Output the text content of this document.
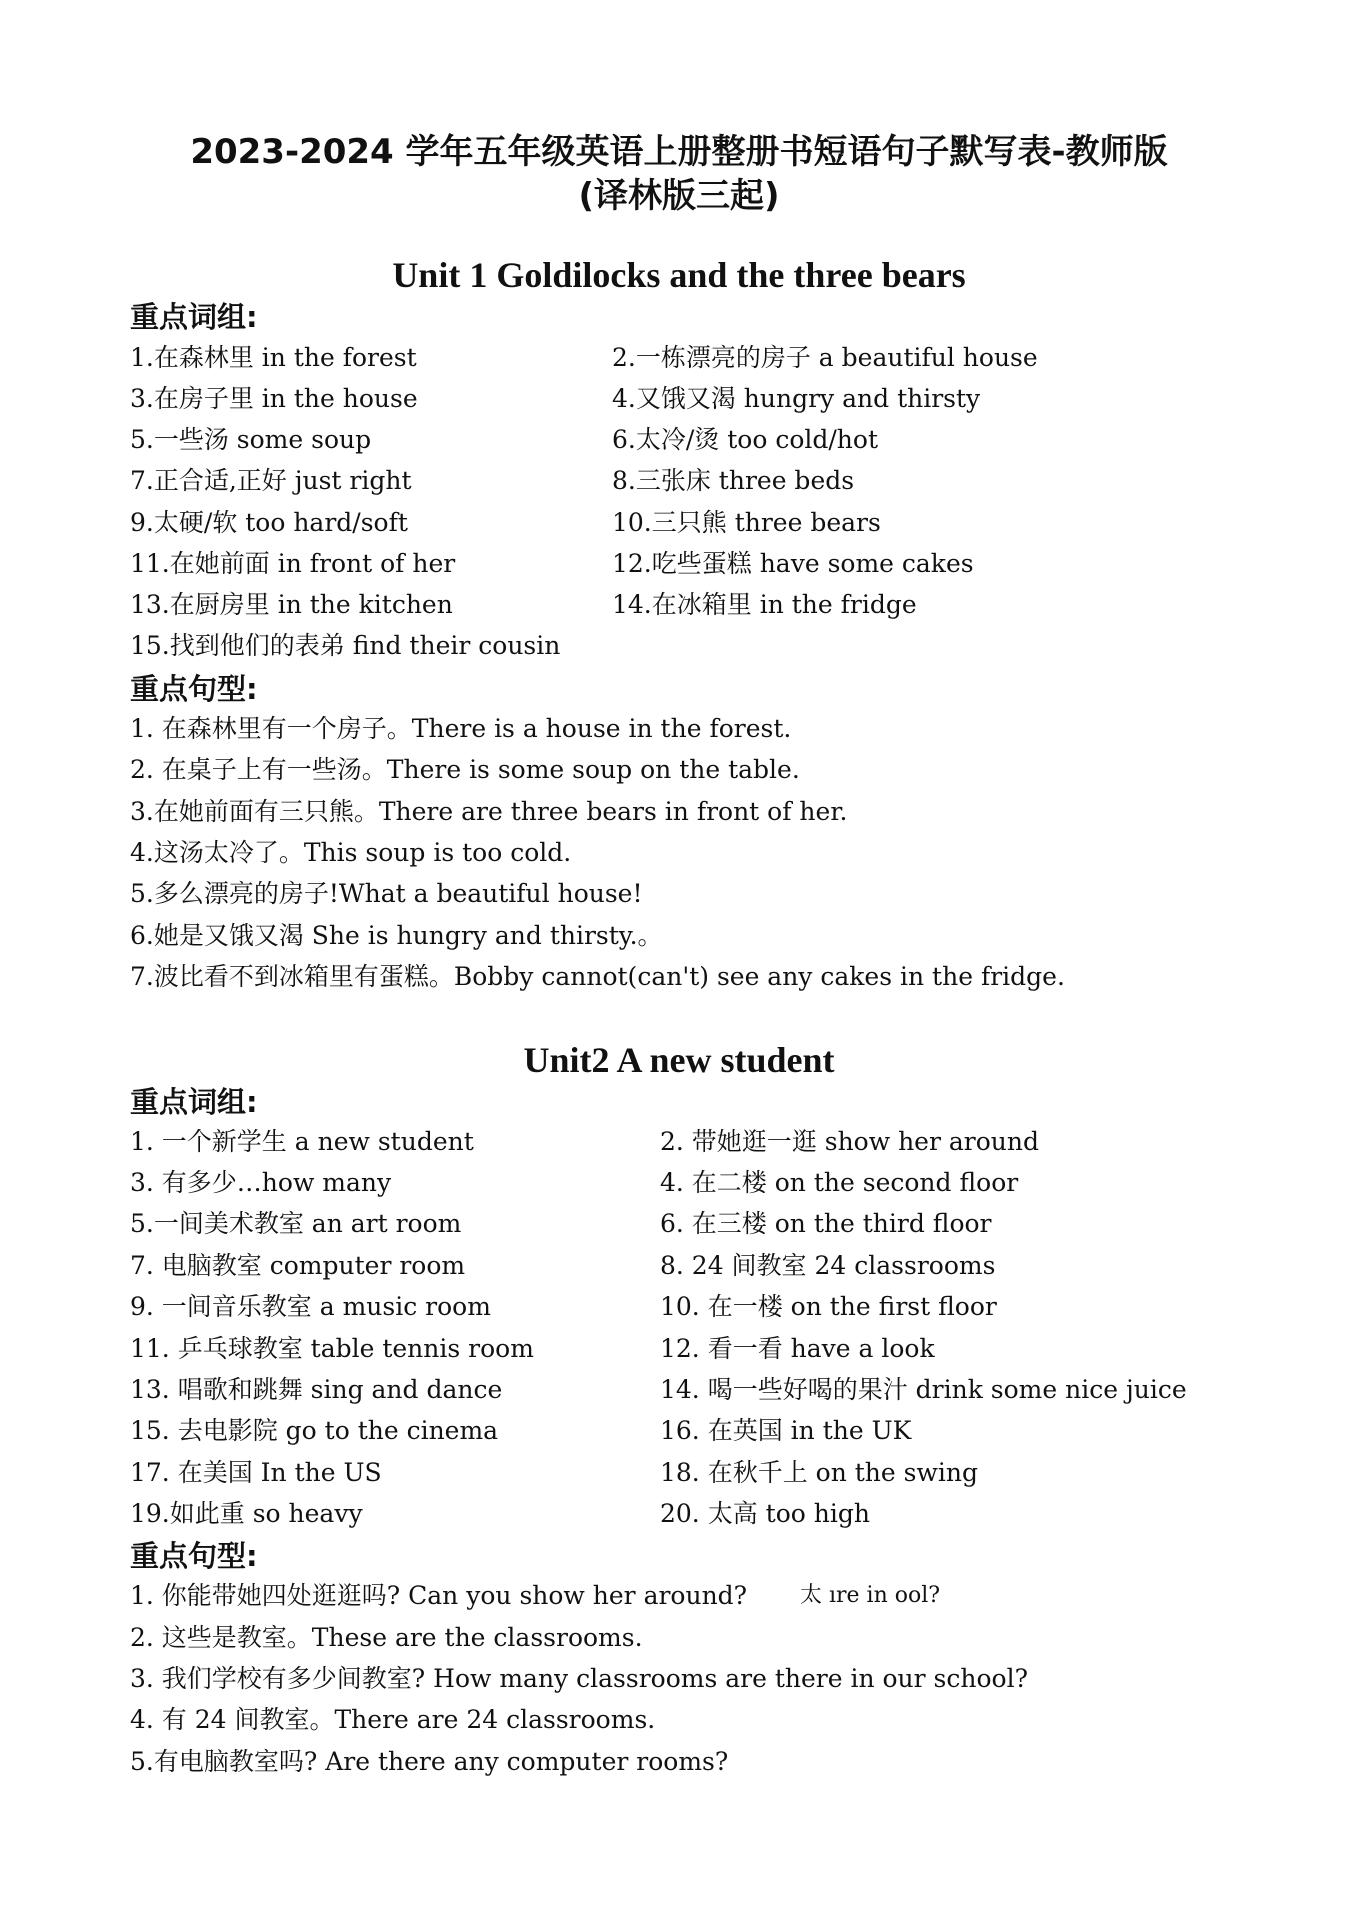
2023-2024 学年五年级英语上册整册书短语句子默写表-教师版
(译林版三起)
Unit 1 Goldilocks and the three bears
重点词组:
1.在森林里 in the forest	2.一栋漂亮的房子 a beautiful house
3.在房子里 in the house	4.又饿又渴 hungry and thirsty
5.一些汤 some soup	6.太冷/烫 too cold/hot
7.正合适,正好 just right	8.三张床 three beds
9.太硬/软 too hard/soft	10.三只熊 three bears
11.在她前面 in front of her	12.吃些蛋糕 have some cakes
13.在厨房里 in the kitchen	14.在冰箱里 in the fridge
15.找到他们的表弟 find their cousin
重点句型:
1. 在森林里有一个房子。There is a house in the forest.
2. 在桌子上有一些汤。There is some soup on the table.
3.在她前面有三只熊。There are three bears in front of her.
4.这汤太冷了。This soup is too cold.
5.多么漂亮的房子!What a beautiful house!
6.她是又饿又渴 She is hungry and thirsty.。
7.波比看不到冰箱里有蛋糕。Bobby cannot(can't) see any cakes in the fridge.
Unit2 A new student
重点词组:
1. 一个新学生 a new student	2. 带她逛一逛 show her around
3. 有多少…how many	4. 在二楼 on the second floor
5.一间美术教室 an art room	6. 在三楼 on the third floor
7. 电脑教室 computer room	8. 24 间教室 24 classrooms
9. 一间音乐教室 a music room	10. 在一楼 on the first floor
11. 乒乓球教室 table tennis room	12. 看一看 have a look
13. 唱歌和跳舞 sing and dance	14. 喝一些好喝的果汁 drink some nice juice
15. 去电影院 go to the cinema	16. 在英国 in the UK
17. 在美国 In the US	18. 在秋千上 on the swing
19.如此重 so heavy	20. 太高 too high
重点句型:
1. 你能带她四处逛逛吗? Can you show her around? 太 ıre in ool?
2. 这些是教室。These are the classrooms.
3. 我们学校有多少间教室? How many classrooms are there in our school?
4. 有 24 间教室。There are 24 classrooms.
5.有电脑教室吗? Are there any computer rooms?
